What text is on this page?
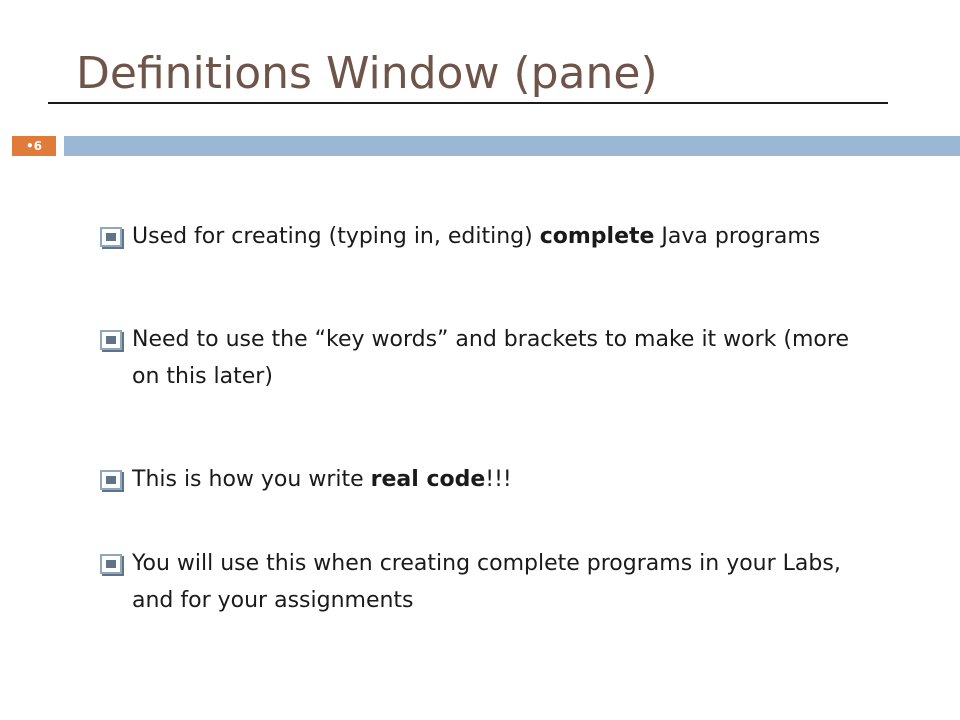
Definitions Window (pane)
•6
Used for creating (typing in, editing) complete Java programs
Need to use the “key words” and brackets to make it work (more on this later)
This is how you write real code!!!
You will use this when creating complete programs in your Labs, and for your assignments
